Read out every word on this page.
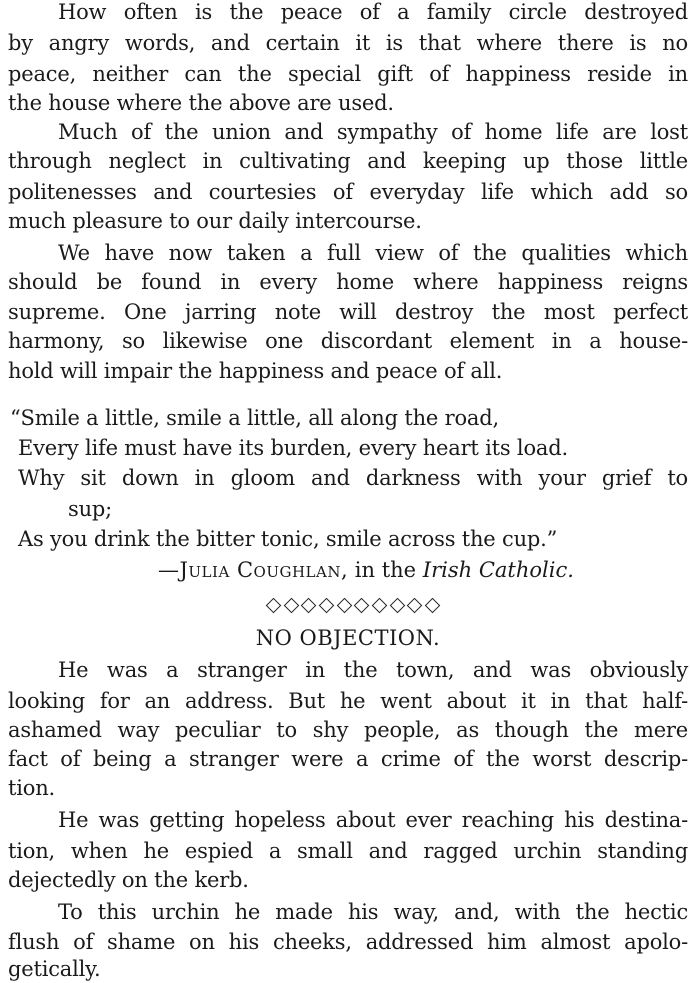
How often is the peace of a family circle destroyed
by angry words, and certain it is that where there is no
peace, neither can the special gift of happiness reside in
the house where the above are used.
Much of the union and sympathy of home life are lost
through neglect in cultivating and keeping up those little
politenesses and courtesies of everyday life which add so
much pleasure to our daily intercourse.
We have now taken a full view of the qualities which
should be found in every home where happiness reigns
supreme. One jarring note will destroy the most perfect
harmony, so likewise one discordant element in a house-
hold will impair the happiness and peace of all.
“Smile a little, smile a little, all along the road,
Every life must have its burden, every heart its load.
Why sit down in gloom and darkness with your grief to
sup;
As you drink the bitter tonic, smile across the cup.”
—Julia Coughlan, in the Irish Catholic.
NO OBJECTION.
He was a stranger in the town, and was obviously
looking for an address. But he went about it in that half-
ashamed way peculiar to shy people, as though the mere
fact of being a stranger were a crime of the worst descrip-
tion.
He was getting hopeless about ever reaching his destina-
tion, when he espied a small and ragged urchin standing
dejectedly on the kerb.
To this urchin he made his way, and, with the hectic
flush of shame on his cheeks, addressed him almost apolo-
getically.
